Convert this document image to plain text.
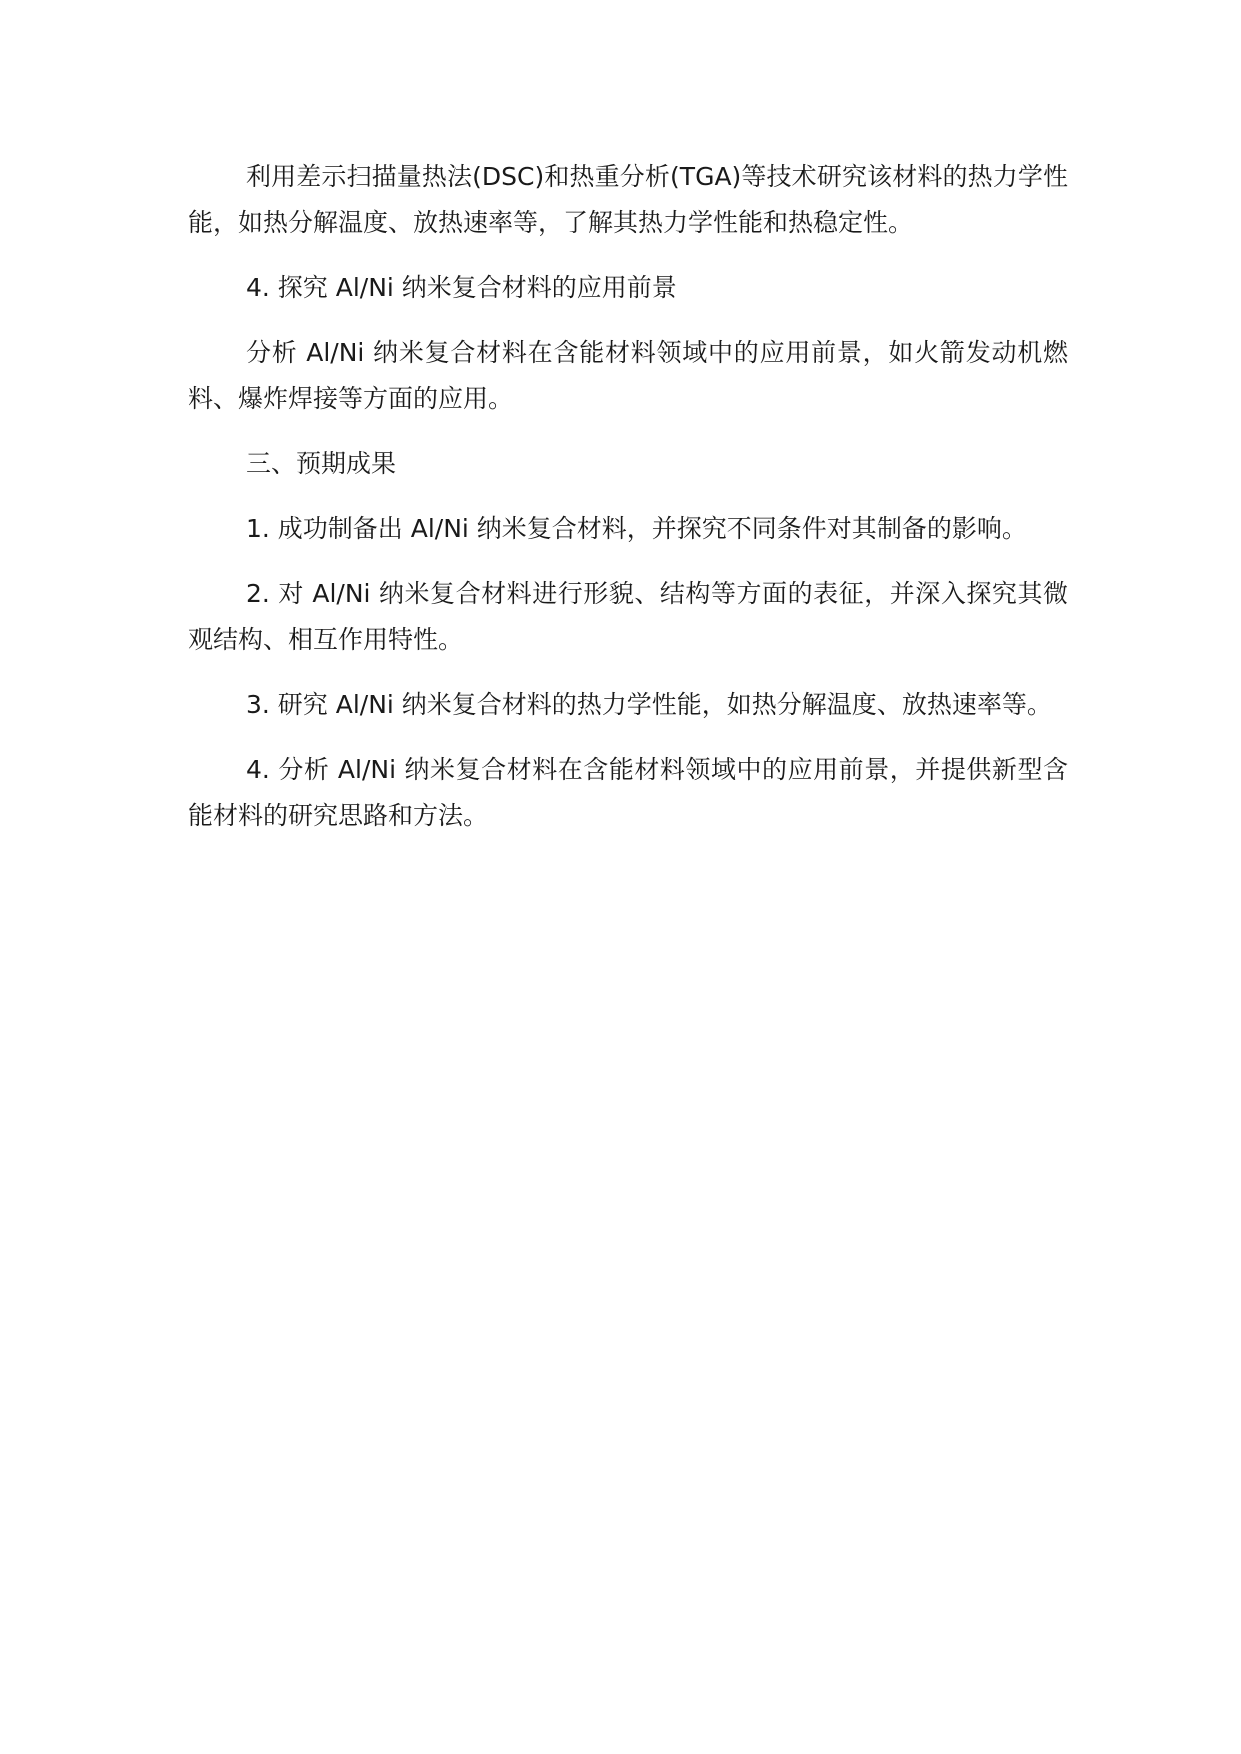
利用差示扫描量热法(DSC)和热重分析(TGA)等技术研究该材料的热力学性能，如热分解温度、放热速率等，了解其热力学性能和热稳定性。

4. 探究 Al/Ni 纳米复合材料的应用前景

分析 Al/Ni 纳米复合材料在含能材料领域中的应用前景，如火箭发动机燃料、爆炸焊接等方面的应用。

三、预期成果

1. 成功制备出 Al/Ni 纳米复合材料，并探究不同条件对其制备的影响。

2. 对 Al/Ni 纳米复合材料进行形貌、结构等方面的表征，并深入探究其微观结构、相互作用特性。

3. 研究 Al/Ni 纳米复合材料的热力学性能，如热分解温度、放热速率等。

4. 分析 Al/Ni 纳米复合材料在含能材料领域中的应用前景，并提供新型含能材料的研究思路和方法。
